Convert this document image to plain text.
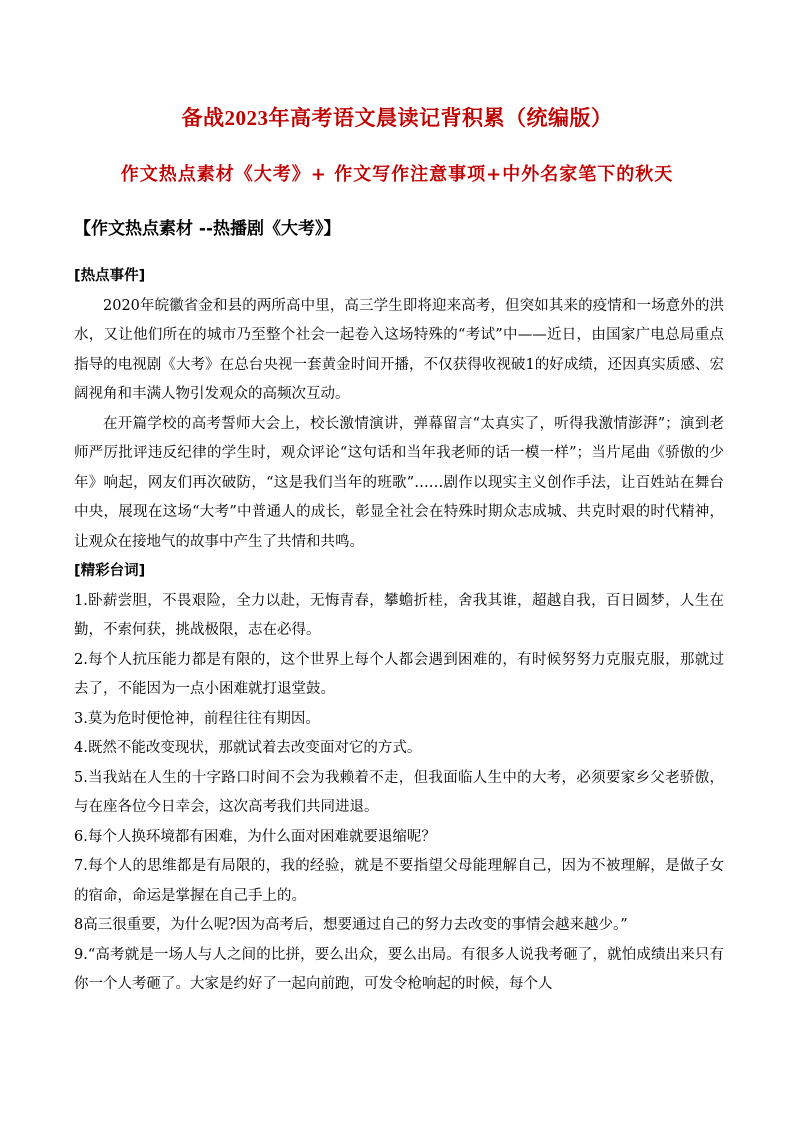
备战2023年高考语文晨读记背积累（统编版）
作文热点素材《大考》+ 作文写作注意事项+中外名家笔下的秋天
【作文热点素材 --热播剧《大考》】

[热点事件]

2020年皖徽省金和县的两所高中里，高三学生即将迎来高考，但突如其来的疫情和一场意外的洪水，又让他们所在的城市乃至整个社会一起卷入这场特殊的“考试”中——近日，由国家广电总局重点指导的电视剧《大考》在总台央视一套黄金时间开播，不仅获得收视破1的好成绩，还因真实质感、宏阔视角和丰满人物引发观众的高频次互动。

在开篇学校的高考誓师大会上，校长激情演讲，弹幕留言“太真实了，听得我激情澎湃”；演到老师严厉批评违反纪律的学生时，观众评论“这句话和当年我老师的话一模一样”；当片尾曲《骄傲的少年》响起，网友们再次破防，“这是我们当年的班歌”……剧作以现实主义创作手法，让百姓站在舞台中央，展现在这场“大考”中普通人的成长，彰显全社会在特殊时期众志成城、共克时艰的时代精神，让观众在接地气的故事中产生了共情和共鸣。

[精彩台词]

1.卧薪尝胆，不畏艰险，全力以赴，无悔青春，攀蟾折桂，舍我其谁，超越自我，百日圆梦，人生在勤，不索何获，挑战极限，志在必得。

2.每个人抗压能力都是有限的，这个世界上每个人都会遇到困难的，有时候努努力克服克服，那就过去了，不能因为一点小困难就打退堂鼓。

3.莫为危时便怆神，前程往往有期因。

4.既然不能改变现状，那就试着去改变面对它的方式。

5.当我站在人生的十字路口时间不会为我赖着不走，但我面临人生中的大考，必须要家乡父老骄傲，与在座各位今日幸会，这次高考我们共同进退。

6.每个人换环境都有困难，为什么面对困难就要退缩呢？

7.每个人的思维都是有局限的，我的经验，就是不要指望父母能理解自己，因为不被理解，是做子女的宿命，命运是掌握在自己手上的。

8高三很重要，为什么呢?因为高考后，想要通过自己的努力去改变的事情会越来越少。”

9.“高考就是一场人与人之间的比拼，要么出众，要么出局。有很多人说我考砸了，就怕成绩出来只有你一个人考砸了。大家是约好了一起向前跑，可发令枪响起的时候，每个人
